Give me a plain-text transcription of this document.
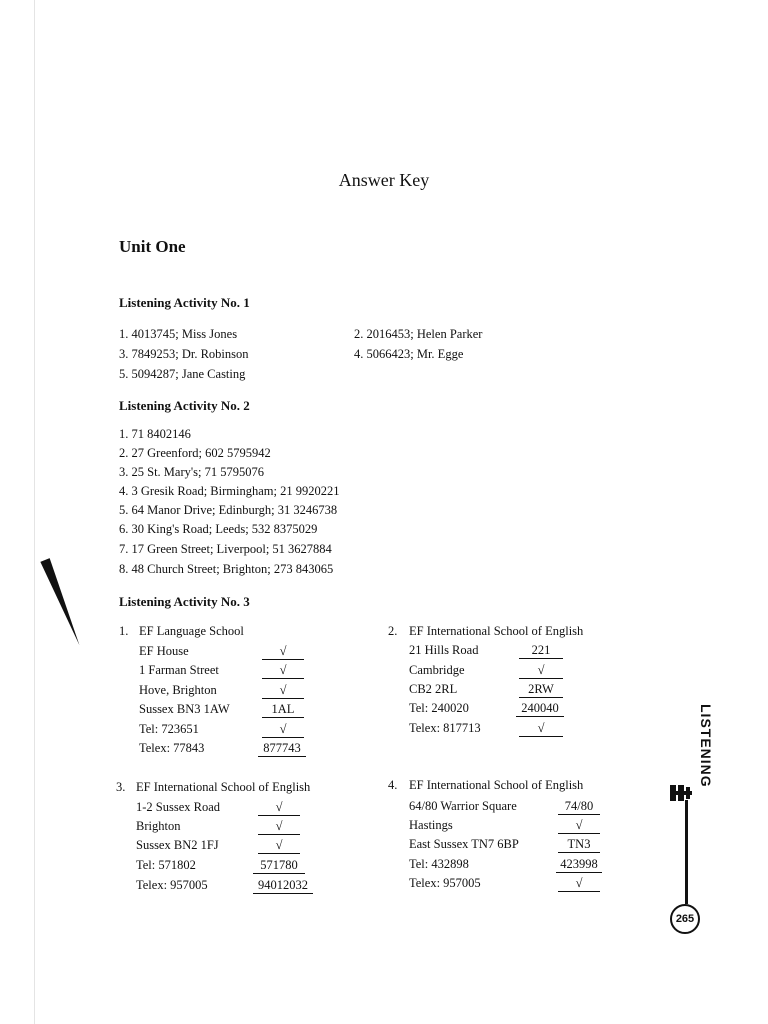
Answer Key
Unit One
Listening Activity No. 1
1. 4013745; Miss Jones	2. 2016453; Helen Parker
3. 7849253; Dr. Robinson	4. 5066423; Mr. Egge
5. 5094287; Jane Casting
Listening Activity No. 2
1. 71 8402146
2. 27 Greenford; 602 5795942
3. 25 St. Mary's; 71 5795076
4. 3 Gresik Road; Birmingham; 21 9920221
5. 64 Manor Drive; Edinburgh; 31 3246738
6. 30 King's Road; Leeds; 532 8375029
7. 17 Green Street; Liverpool; 51 3627884
8. 48 Church Street; Brighton; 273 843065
Listening Activity No. 3
1. EF Language School
EF House	√
1 Farman Street	√
Hove, Brighton	√
Sussex BN3 1AW	1AL
Tel: 723651	√
Telex: 77843	877743
2. EF International School of English
21 Hills Road	221
Cambridge	√
CB2 2RL	2RW
Tel: 240020	240040
Telex: 817713	√
3. EF International School of English
1-2 Sussex Road	√
Brighton	√
Sussex BN2 1FJ	√
Tel: 571802	571780
Telex: 957005	94012032
4. EF International School of English
64/80 Warrior Square	74/80
Hastings	√
East Sussex TN7 6BP	TN3
Tel: 432898	423998
Telex: 957005	√
LISTENING
265
